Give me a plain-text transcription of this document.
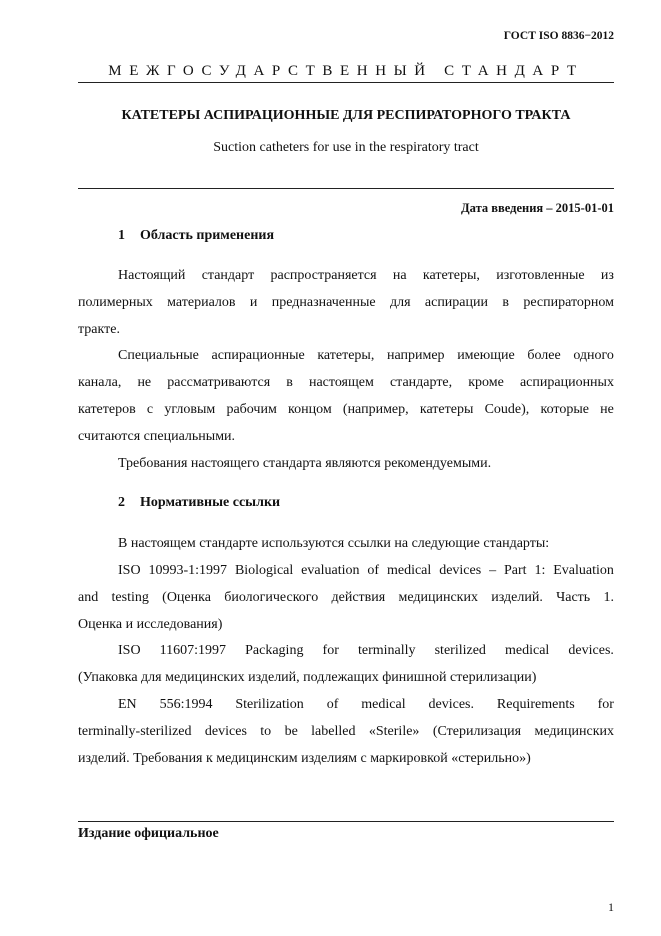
ГОСТ ISO 8836−2012
МЕЖГОСУДАРСТВЕННЫЙ СТАНДАРТ
КАТЕТЕРЫ АСПИРАЦИОННЫЕ ДЛЯ РЕСПИРАТОРНОГО ТРАКТА
Suction catheters for use in the respiratory tract
Дата введения – 2015-01-01
1 Область применения
Настоящий стандарт распространяется на катетеры, изготовленные из
полимерных материалов и предназначенные для аспирации в респираторном
тракте.
Специальные аспирационные катетеры, например имеющие более одного
канала, не рассматриваются в настоящем стандарте, кроме аспирационных
катетеров с угловым рабочим концом (например, катетеры Coude), которые не
считаются специальными.
Требования настоящего стандарта являются рекомендуемыми.
2 Нормативные ссылки
В настоящем стандарте используются ссылки на следующие стандарты:
ISO 10993-1:1997 Biological evaluation of medical devices – Part 1: Evaluation
and testing (Оценка биологического действия медицинских изделий. Часть 1.
Оценка и исследования)
ISO 11607:1997 Packaging for terminally sterilized medical devices.
(Упаковка для медицинских изделий, подлежащих финишной стерилизации)
EN 556:1994 Sterilization of medical devices. Requirements for
terminally-sterilized devices to be labelled «Sterile» (Стерилизация медицинских
изделий. Требования к медицинским изделиям с маркировкой «стерильно»)
Издание официальное
1
